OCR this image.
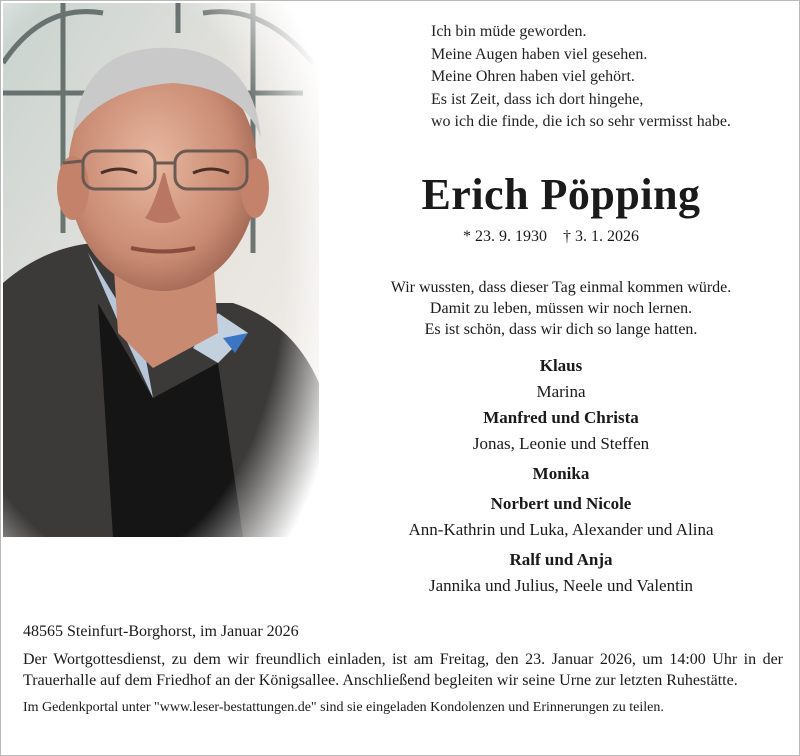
Ich bin müde geworden.
Meine Augen haben viel gesehen.
Meine Ohren haben viel gehört.
Es ist Zeit, dass ich dort hingehe,
wo ich die finde, die ich so sehr vermisst habe.
Erich Pöpping
* 23. 9. 1930 † 3. 1. 2026
Wir wussten, dass dieser Tag einmal kommen würde.
Damit zu leben, müssen wir noch lernen.
Es ist schön, dass wir dich so lange hatten.
Klaus
Marina
Manfred und Christa
Jonas, Leonie und Steffen
Monika
Norbert und Nicole
Ann-Kathrin und Luka, Alexander und Alina
Ralf und Anja
Jannika und Julius, Neele und Valentin
48565 Steinfurt-Borghorst, im Januar 2026
Der Wortgottesdienst, zu dem wir freundlich einladen, ist am Freitag, den 23. Januar 2026, um 14:00 Uhr in der Trauerhalle auf dem Friedhof an der Königsallee. Anschließend begleiten wir seine Urne zur letzten Ruhestätte.
Im Gedenkportal unter "www.leser-bestattungen.de" sind sie eingeladen Kondolenzen und Erinnerungen zu teilen.
